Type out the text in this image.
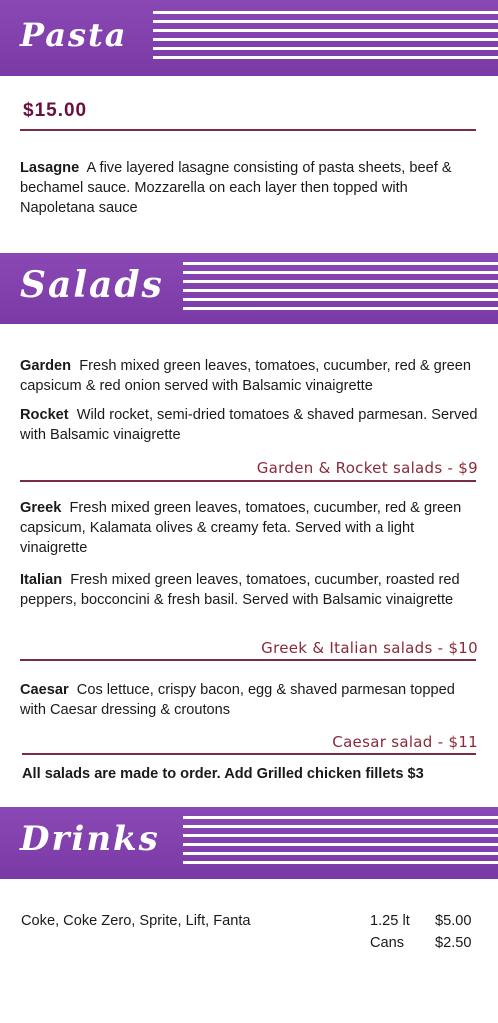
Pasta
$15.00
Lasagne A five layered lasagne consisting of pasta sheets, beef & bechamel sauce. Mozzarella on each layer then topped with Napoletana sauce
Salads
Garden Fresh mixed green leaves, tomatoes, cucumber, red & green capsicum & red onion served with Balsamic vinaigrette
Rocket Wild rocket, semi-dried tomatoes & shaved parmesan. Served with Balsamic vinaigrette
Garden & Rocket salads - $9
Greek Fresh mixed green leaves, tomatoes, cucumber, red & green capsicum, Kalamata olives & creamy feta. Served with a light vinaigrette
Italian Fresh mixed green leaves, tomatoes, cucumber, roasted red peppers, bocconcini & fresh basil. Served with Balsamic vinaigrette
Greek & Italian salads - $10
Caesar Cos lettuce, crispy bacon, egg & shaved parmesan topped with Caesar dressing & croutons
Caesar salad - $11
All salads are made to order. Add Grilled chicken fillets $3
Drinks
Coke, Coke Zero, Sprite, Lift, Fanta	1.25 lt $5.00
Cans $2.50
